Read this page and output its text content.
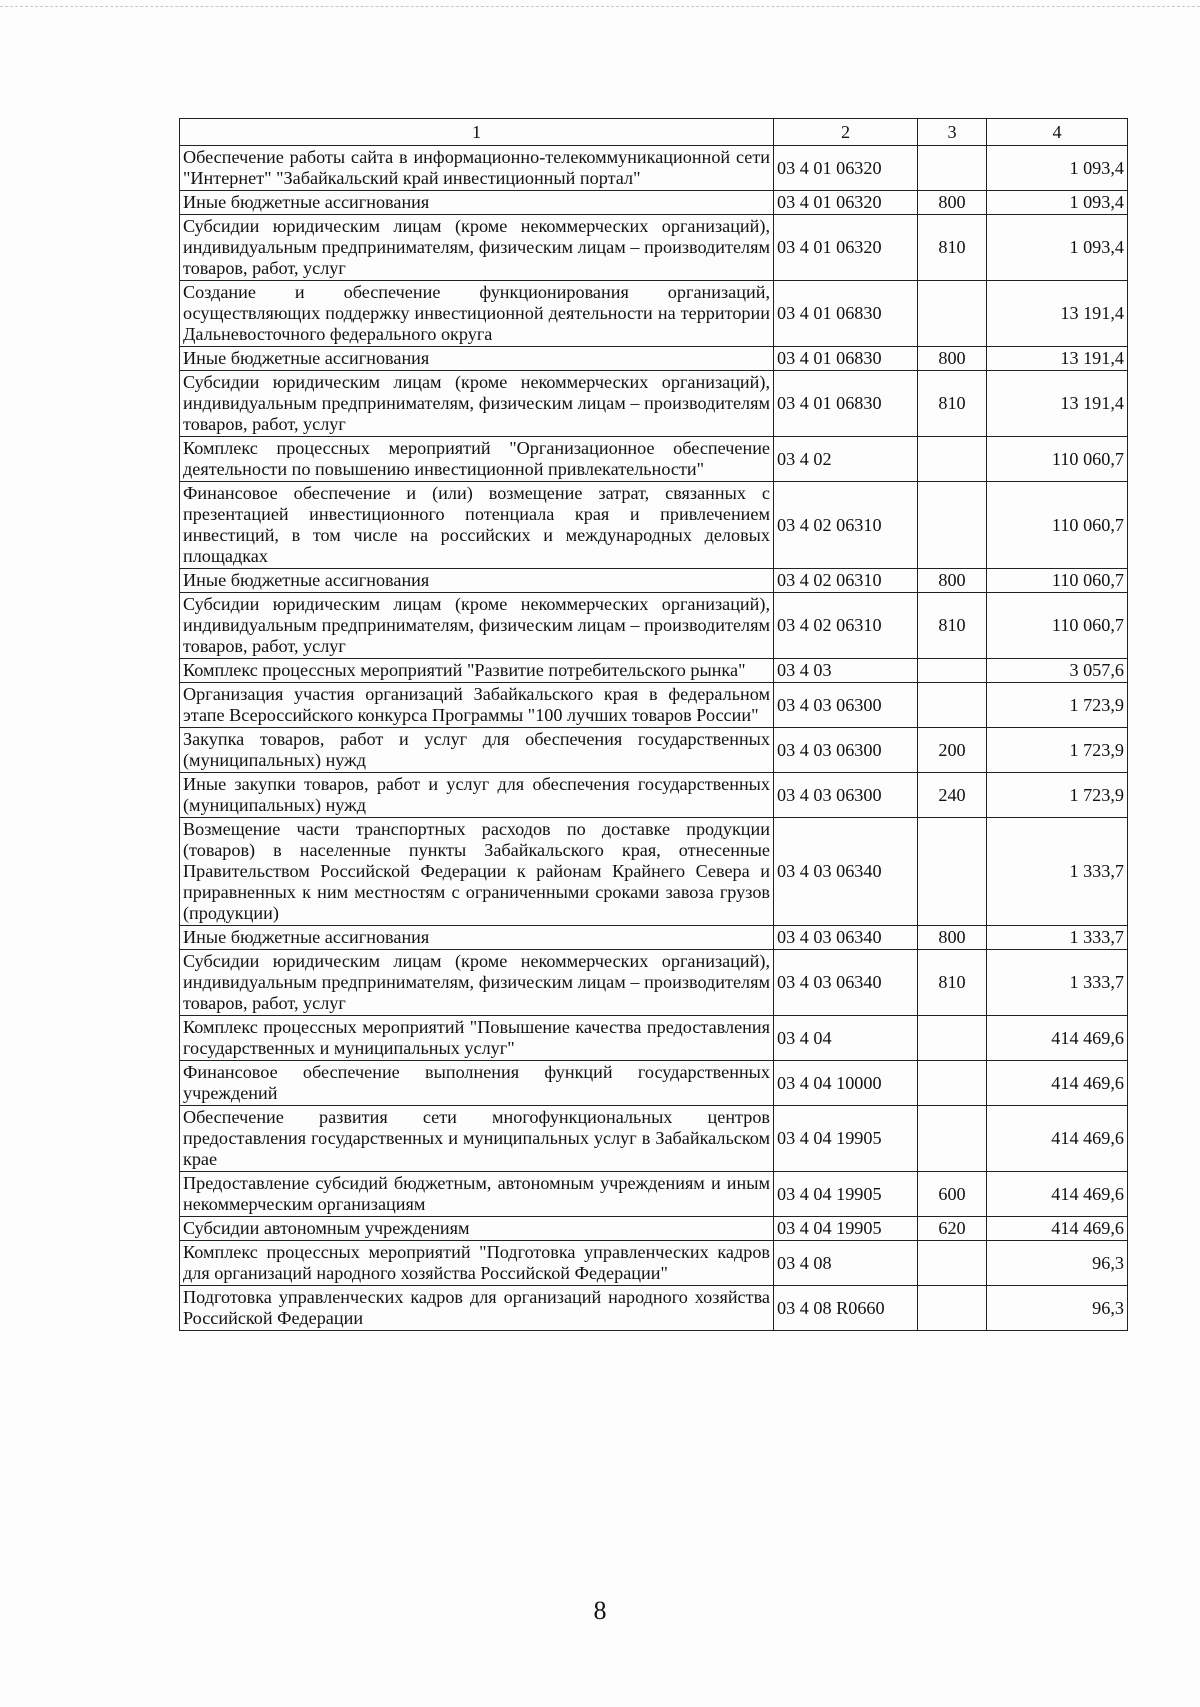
1	2	3	4
Обеспечение работы сайта в информационно-телекоммуникационной сети "Интернет" "Забайкальский край инвестиционный портал"	03 4 01 06320		1 093,4
Иные бюджетные ассигнования	03 4 01 06320	800	1 093,4
Субсидии юридическим лицам (кроме некоммерческих организаций), индивидуальным предпринимателям, физическим лицам – производителям товаров, работ, услуг	03 4 01 06320	810	1 093,4
Создание и обеспечение функционирования организаций, осуществляющих поддержку инвестиционной деятельности на территории Дальневосточного федерального округа	03 4 01 06830		13 191,4
Иные бюджетные ассигнования	03 4 01 06830	800	13 191,4
Субсидии юридическим лицам (кроме некоммерческих организаций), индивидуальным предпринимателям, физическим лицам – производителям товаров, работ, услуг	03 4 01 06830	810	13 191,4
Комплекс процессных мероприятий "Организационное обеспечение деятельности по повышению инвестиционной привлекательности"	03 4 02		110 060,7
Финансовое обеспечение и (или) возмещение затрат, связанных с презентацией инвестиционного потенциала края и привлечением инвестиций, в том числе на российских и международных деловых площадках	03 4 02 06310		110 060,7
Иные бюджетные ассигнования	03 4 02 06310	800	110 060,7
Субсидии юридическим лицам (кроме некоммерческих организаций), индивидуальным предпринимателям, физическим лицам – производителям товаров, работ, услуг	03 4 02 06310	810	110 060,7
Комплекс процессных мероприятий "Развитие потребительского рынка"	03 4 03		3 057,6
Организация участия организаций Забайкальского края в федеральном этапе Всероссийского конкурса Программы "100 лучших товаров России"	03 4 03 06300		1 723,9
Закупка товаров, работ и услуг для обеспечения государственных (муниципальных) нужд	03 4 03 06300	200	1 723,9
Иные закупки товаров, работ и услуг для обеспечения государственных (муниципальных) нужд	03 4 03 06300	240	1 723,9
Возмещение части транспортных расходов по доставке продукции (товаров) в населенные пункты Забайкальского края, отнесенные Правительством Российской Федерации к районам Крайнего Севера и приравненных к ним местностям с ограниченными сроками завоза грузов (продукции)	03 4 03 06340		1 333,7
Иные бюджетные ассигнования	03 4 03 06340	800	1 333,7
Субсидии юридическим лицам (кроме некоммерческих организаций), индивидуальным предпринимателям, физическим лицам – производителям товаров, работ, услуг	03 4 03 06340	810	1 333,7
Комплекс процессных мероприятий "Повышение качества предоставления государственных и муниципальных услуг"	03 4 04		414 469,6
Финансовое обеспечение выполнения функций государственных учреждений	03 4 04 10000		414 469,6
Обеспечение развития сети многофункциональных центров предоставления государственных и муниципальных услуг в Забайкальском крае	03 4 04 19905		414 469,6
Предоставление субсидий бюджетным, автономным учреждениям и иным некоммерческим организациям	03 4 04 19905	600	414 469,6
Субсидии автономным учреждениям	03 4 04 19905	620	414 469,6
Комплекс процессных мероприятий "Подготовка управленческих кадров для организаций народного хозяйства Российской Федерации"	03 4 08		96,3
Подготовка управленческих кадров для организаций народного хозяйства Российской Федерации	03 4 08 R0660		96,3
8
